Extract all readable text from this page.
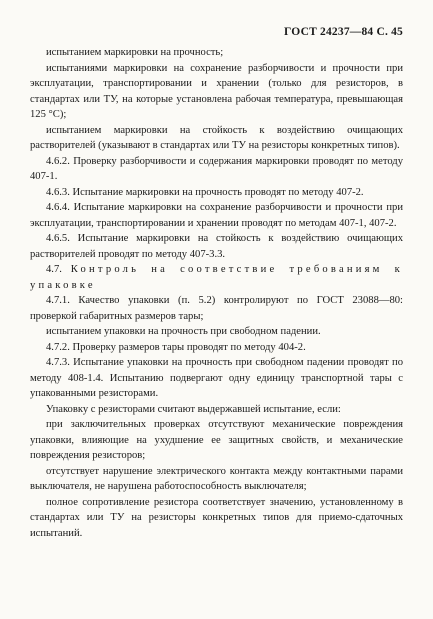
ГОСТ 24237—84 С. 45

испытанием маркировки на прочность;

испытаниями маркировки на сохранение разборчивости и прочности при эксплуатации, транспортировании и хранении (только для резисторов, в стандартах или ТУ, на которые установлена рабочая температура, превышающая 125 °С);

испытанием маркировки на стойкость к воздействию очищающих растворителей (указывают в стандартах или ТУ на резисторы конкретных типов).

4.6.2. Проверку разборчивости и содержания маркировки проводят по методу 407-1.

4.6.3. Испытание маркировки на прочность проводят по методу 407-2.

4.6.4. Испытание маркировки на сохранение разборчивости и прочности при эксплуатации, транспортировании и хранении проводят по методам 407-1, 407-2.

4.6.5. Испытание маркировки на стойкость к воздействию очищающих растворителей проводят по методу 407-3.3.

4.7. Контроль на соответствие требованиям к упаковке

4.7.1. Качество упаковки (п. 5.2) контролируют по ГОСТ 23088—80: проверкой габаритных размеров тары;

испытанием упаковки на прочность при свободном падении.

4.7.2. Проверку размеров тары проводят по методу 404-2.

4.7.3. Испытание упаковки на прочность при свободном падении проводят по методу 408-1.4. Испытанию подвергают одну единицу транспортной тары с упакованными резисторами.

Упаковку с резисторами считают выдержавшей испытание, если:

при заключительных проверках отсутствуют механические повреждения упаковки, влияющие на ухудшение ее защитных свойств, и механические повреждения резисторов;

отсутствует нарушение электрического контакта между контактными парами выключателя, не нарушена работоспособность выключателя;

полное сопротивление резистора соответствует значению, установленному в стандартах или ТУ на резисторы конкретных типов для приемо-сдаточных испытаний.
